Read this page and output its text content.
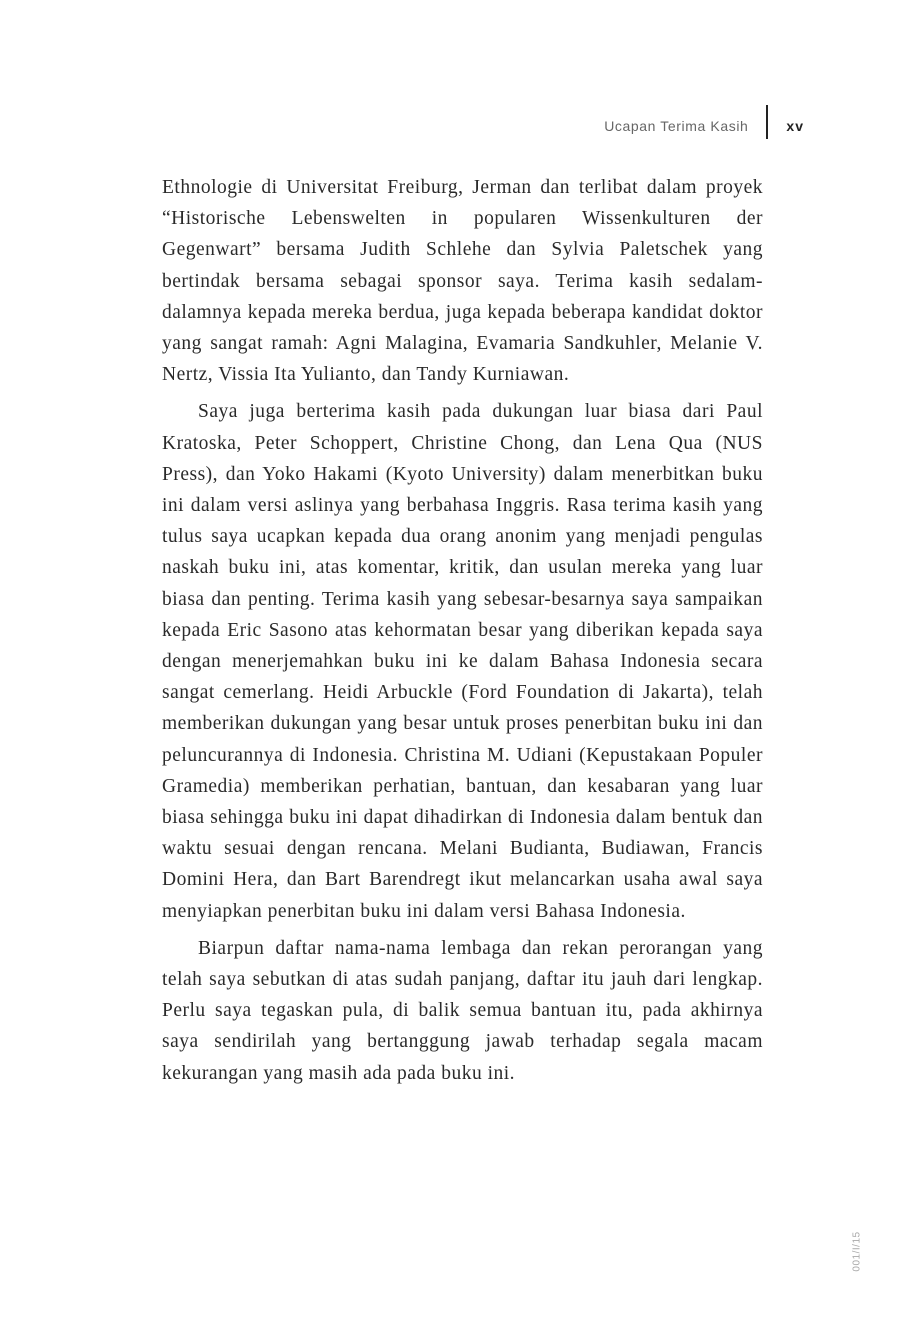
Ucapan Terima Kasih	xv

Ethnologie di Universitat Freiburg, Jerman dan terlibat dalam proyek “Historische Lebenswelten in popularen Wissenkulturen der Gegenwart” bersama Judith Schlehe dan Sylvia Paletschek yang bertindak bersama sebagai sponsor saya. Terima kasih sedalam-dalamnya kepada mereka berdua, juga kepada beberapa kandidat doktor yang sangat ramah: Agni Malagina, Evamaria Sandkuhler, Melanie V. Nertz, Vissia Ita Yulianto, dan Tandy Kurniawan.

Saya juga berterima kasih pada dukungan luar biasa dari Paul Kratoska, Peter Schoppert, Christine Chong, dan Lena Qua (NUS Press), dan Yoko Hakami (Kyoto University) dalam menerbitkan buku ini dalam versi aslinya yang berbahasa Inggris. Rasa terima kasih yang tulus saya ucapkan kepada dua orang anonim yang menjadi pengulas naskah buku ini, atas komentar, kritik, dan usulan mereka yang luar biasa dan penting. Terima kasih yang sebesar-besarnya saya sampaikan kepada Eric Sasono atas kehormatan besar yang diberikan kepada saya dengan menerjemahkan buku ini ke dalam Bahasa Indonesia secara sangat cemerlang. Heidi Arbuckle (Ford Foundation di Jakarta), telah memberikan dukungan yang besar untuk proses penerbitan buku ini dan peluncurannya di Indonesia. Christina M. Udiani (Kepustakaan Populer Gramedia) memberikan perhatian, bantuan, dan kesabaran yang luar biasa sehingga buku ini dapat dihadirkan di Indonesia dalam bentuk dan waktu sesuai dengan rencana. Melani Budianta, Budiawan, Francis Domini Hera, dan Bart Barendregt ikut melancarkan usaha awal saya menyiapkan penerbitan buku ini dalam versi Bahasa Indonesia.

Biarpun daftar nama-nama lembaga dan rekan perorangan yang telah saya sebutkan di atas sudah panjang, daftar itu jauh dari lengkap. Perlu saya tegaskan pula, di balik semua bantuan itu, pada akhirnya saya sendirilah yang bertanggung jawab terhadap segala macam kekurangan yang masih ada pada buku ini.

001/I/15
